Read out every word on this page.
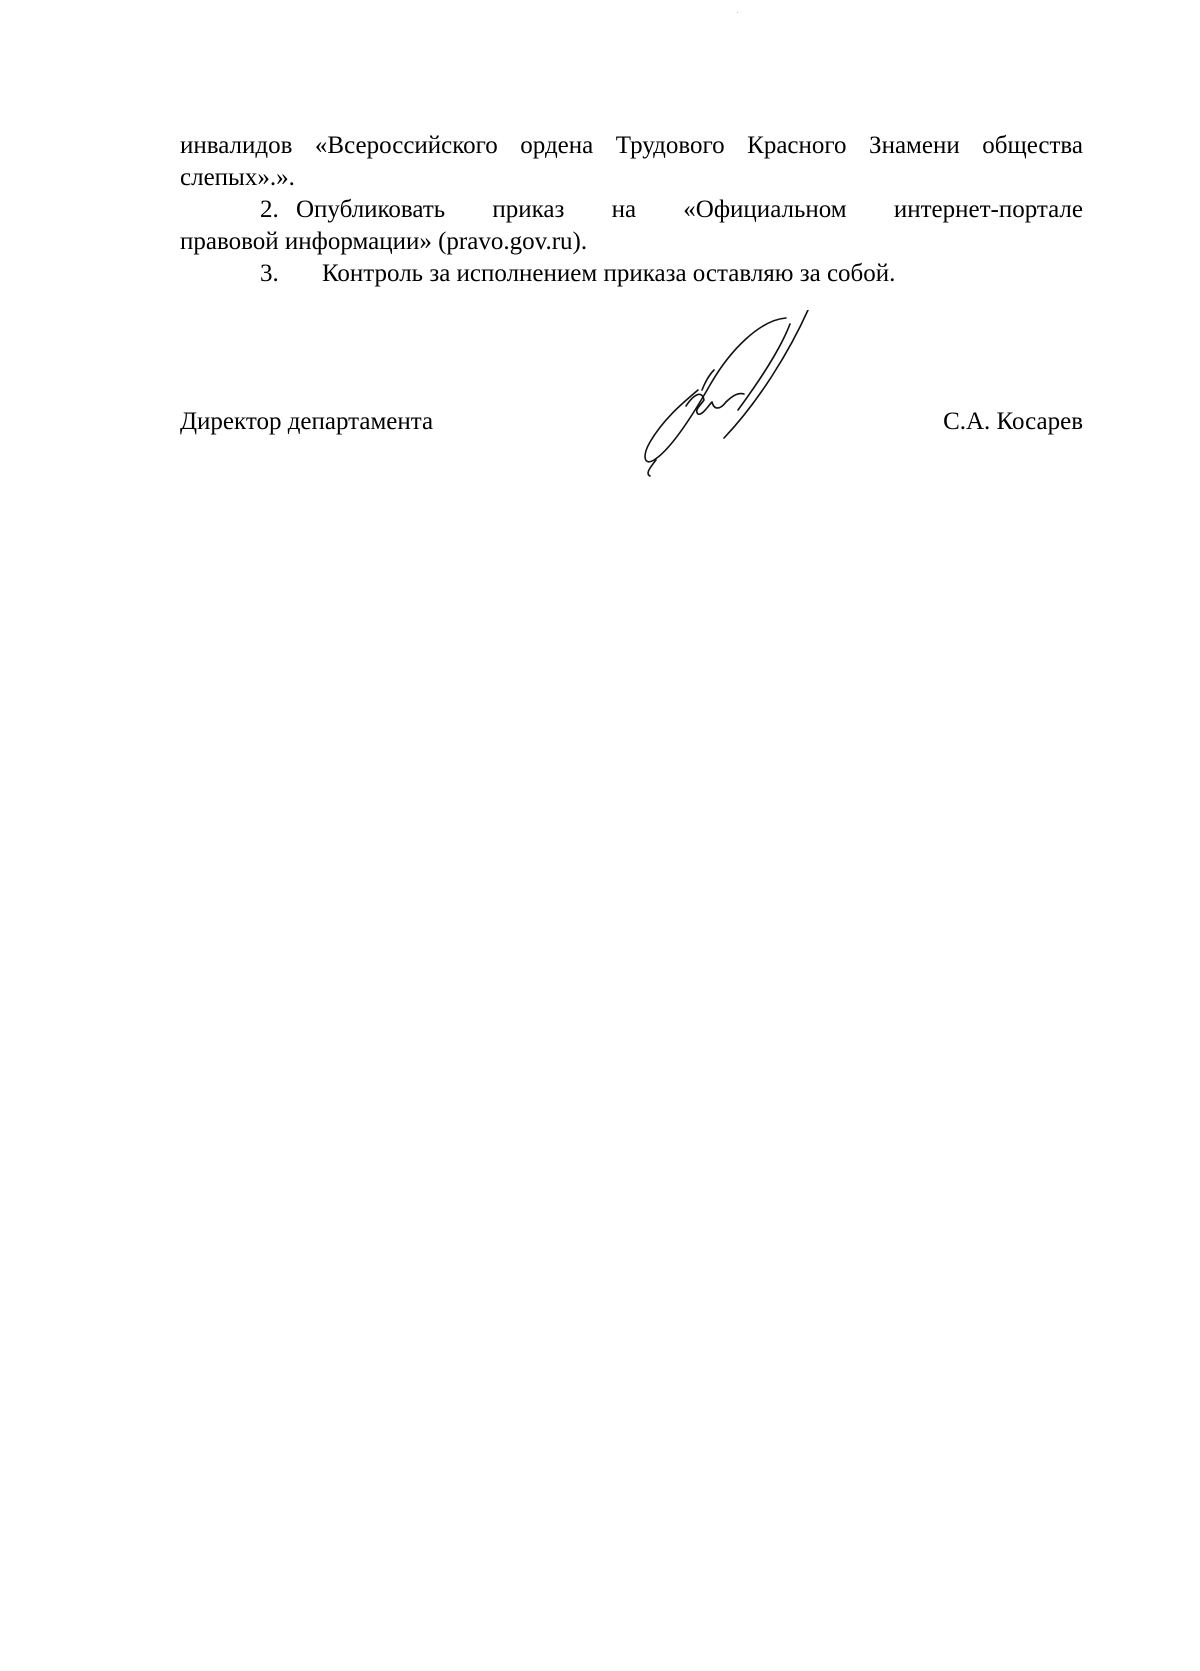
инвалидов «Всероссийского ордена Трудового Красного Знамени общества
слепых».».
2. Опубликовать приказ на «Официальном интернет-портале
правовой информации» (pravo.gov.ru).
3. Контроль за исполнением приказа оставляю за собой.

Директор департамента	С.А. Косарев
